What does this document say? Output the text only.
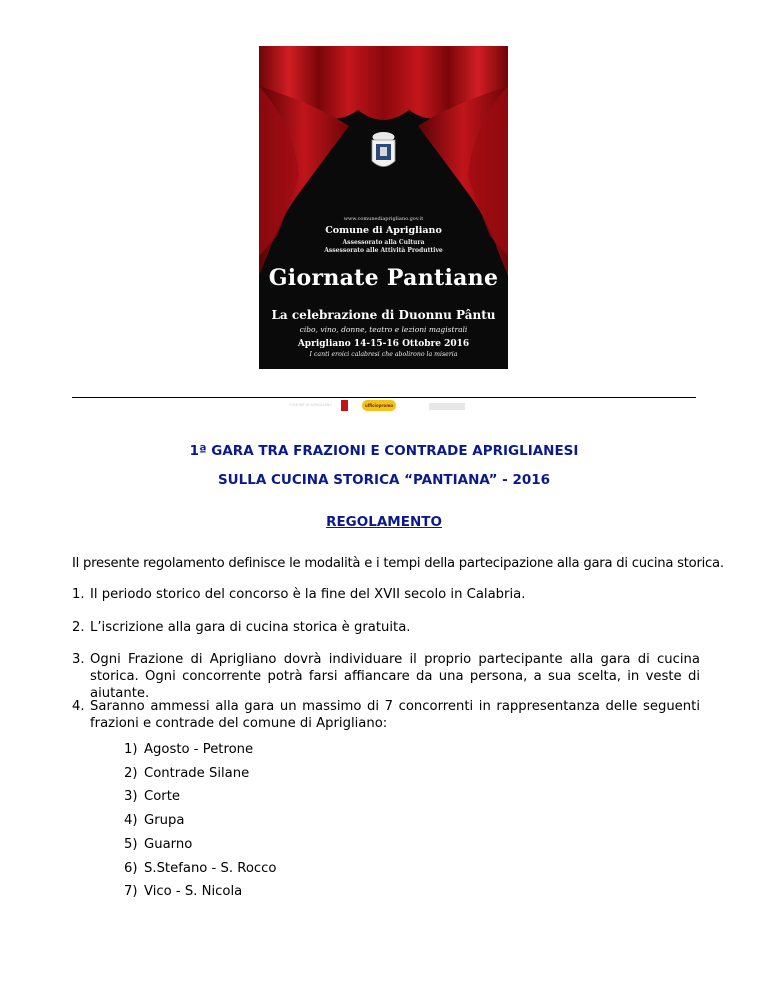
www.comunediaprigliano.gov.it
Comune di Aprigliano
Assessorato alla Cultura
Assessorato alle Attività Produttive
Giornate Pantiane
La celebrazione di Duonnu Pântu
cibo, vino, donne, teatro e lezioni magistrali
Aprigliano 14-15-16 Ottobre 2016
I canti eroici calabresi che abolirono la miseria
«...veniti ca ne scialàmu»
COMUNE DI APRIGLIANO	ufficiopromo
1ª GARA TRA FRAZIONI E CONTRADE APRIGLIANESI
SULLA CUCINA STORICA “PANTIANA” - 2016
REGOLAMENTO
Il presente regolamento definisce le modalità e i tempi della partecipazione alla gara di cucina storica.
1. Il periodo storico del concorso è la fine del XVII secolo in Calabria.
2. L’iscrizione alla gara di cucina storica è gratuita.
3. Ogni Frazione di Aprigliano dovrà individuare il proprio partecipante alla gara di cucina storica. Ogni concorrente potrà farsi affiancare da una persona, a sua scelta, in veste di aiutante.
4. Saranno ammessi alla gara un massimo di 7 concorrenti in rappresentanza delle seguenti frazioni e contrade del comune di Aprigliano:
1) Agosto - Petrone
2) Contrade Silane
3) Corte
4) Grupa
5) Guarno
6) S.Stefano - S. Rocco
7) Vico - S. Nicola
